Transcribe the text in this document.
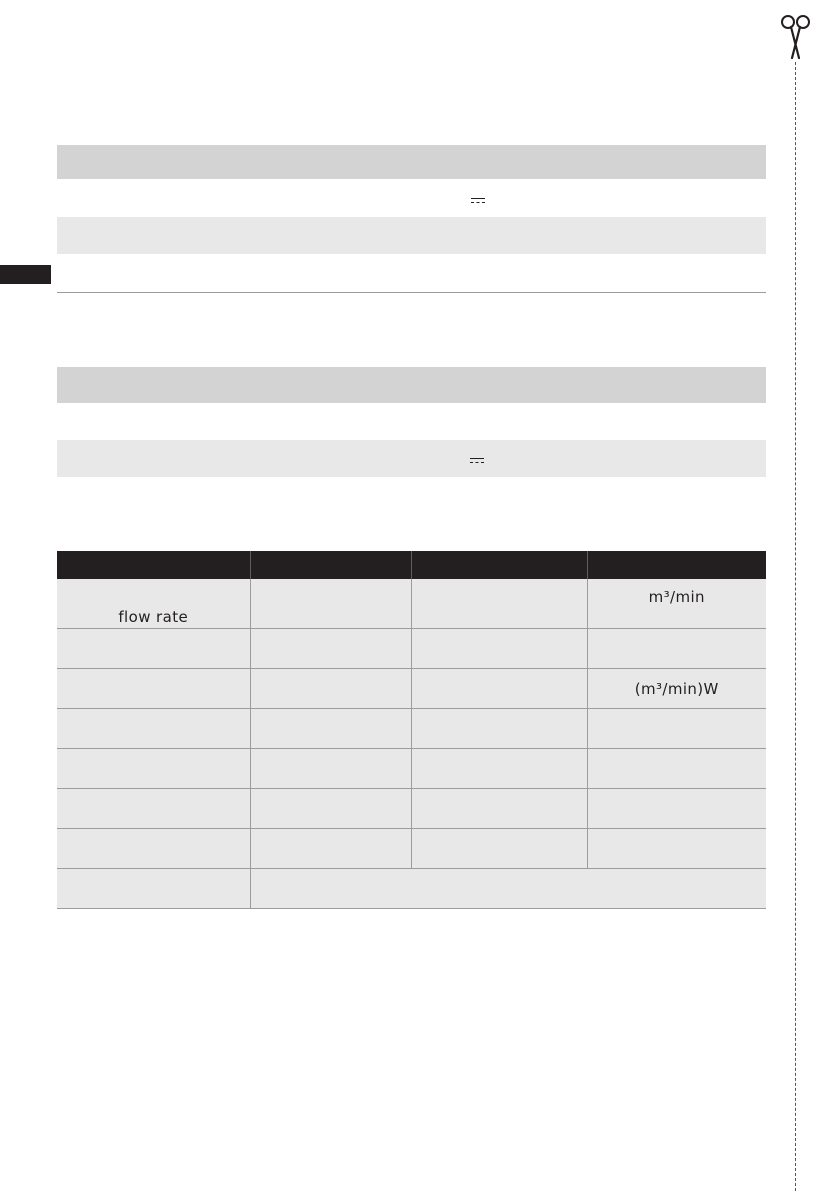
flow rate			m³/min

			(m³/min)W
